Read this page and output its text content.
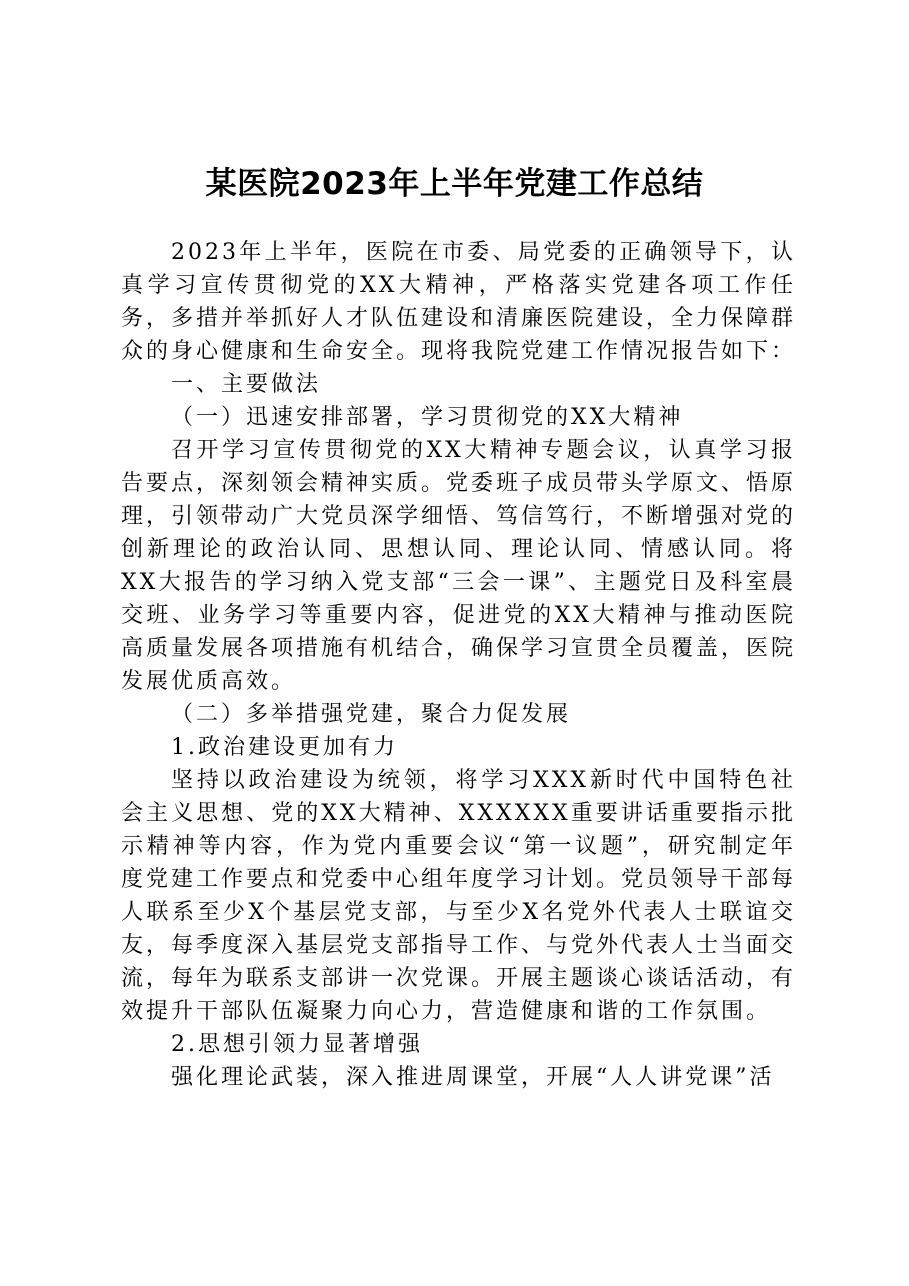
某医院2023年上半年党建工作总结

2023年上半年，医院在市委、局党委的正确领导下，认真学习宣传贯彻党的XX大精神，严格落实党建各项工作任务，多措并举抓好人才队伍建设和清廉医院建设，全力保障群众的身心健康和生命安全。现将我院党建工作情况报告如下：

一、主要做法

（一）迅速安排部署，学习贯彻党的XX大精神

召开学习宣传贯彻党的XX大精神专题会议，认真学习报告要点，深刻领会精神实质。党委班子成员带头学原文、悟原理，引领带动广大党员深学细悟、笃信笃行，不断增强对党的创新理论的政治认同、思想认同、理论认同、情感认同。将XX大报告的学习纳入党支部“三会一课”、主题党日及科室晨交班、业务学习等重要内容，促进党的XX大精神与推动医院高质量发展各项措施有机结合，确保学习宣贯全员覆盖，医院发展优质高效。

（二）多举措强党建，聚合力促发展

1.政治建设更加有力

坚持以政治建设为统领，将学习XXX新时代中国特色社会主义思想、党的XX大精神、XXXXXX重要讲话重要指示批示精神等内容，作为党内重要会议“第一议题”，研究制定年度党建工作要点和党委中心组年度学习计划。党员领导干部每人联系至少X个基层党支部，与至少X名党外代表人士联谊交友，每季度深入基层党支部指导工作、与党外代表人士当面交流，每年为联系支部讲一次党课。开展主题谈心谈话活动，有效提升干部队伍凝聚力向心力，营造健康和谐的工作氛围。

2.思想引领力显著增强

强化理论武装，深入推进周课堂，开展“人人讲党课”活
